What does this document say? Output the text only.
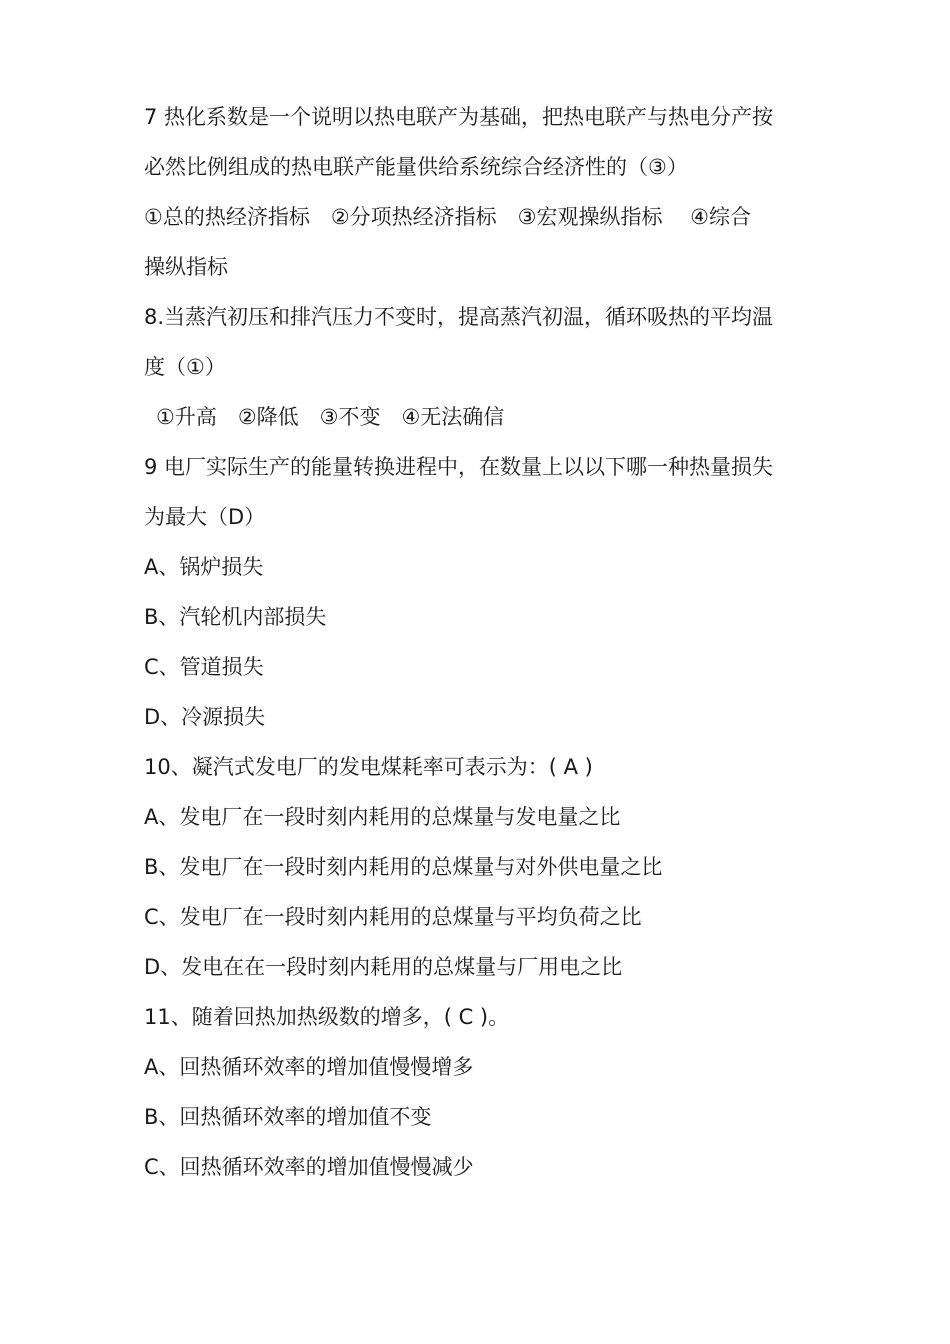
7 热化系数是一个说明以热电联产为基础，把热电联产与热电分产按
必然比例组成的热电联产能量供给系统综合经济性的（③）
①总的热经济指标　②分项热经济指标　③宏观操纵指标　 ④综合
操纵指标
8.当蒸汽初压和排汽压力不变时，提高蒸汽初温，循环吸热的平均温
度（①）
①升高　②降低　③不变　④无法确信
9 电厂实际生产的能量转换进程中，在数量上以以下哪一种热量损失
为最大（D）
A、锅炉损失
B、汽轮机内部损失
C、管道损失
D、冷源损失
10、凝汽式发电厂的发电煤耗率可表示为：( A )
A、发电厂在一段时刻内耗用的总煤量与发电量之比
B、发电厂在一段时刻内耗用的总煤量与对外供电量之比
C、发电厂在一段时刻内耗用的总煤量与平均负荷之比
D、发电在在一段时刻内耗用的总煤量与厂用电之比
11、随着回热加热级数的增多，( C )。
A、回热循环效率的增加值慢慢增多
B、回热循环效率的增加值不变
C、回热循环效率的增加值慢慢减少
